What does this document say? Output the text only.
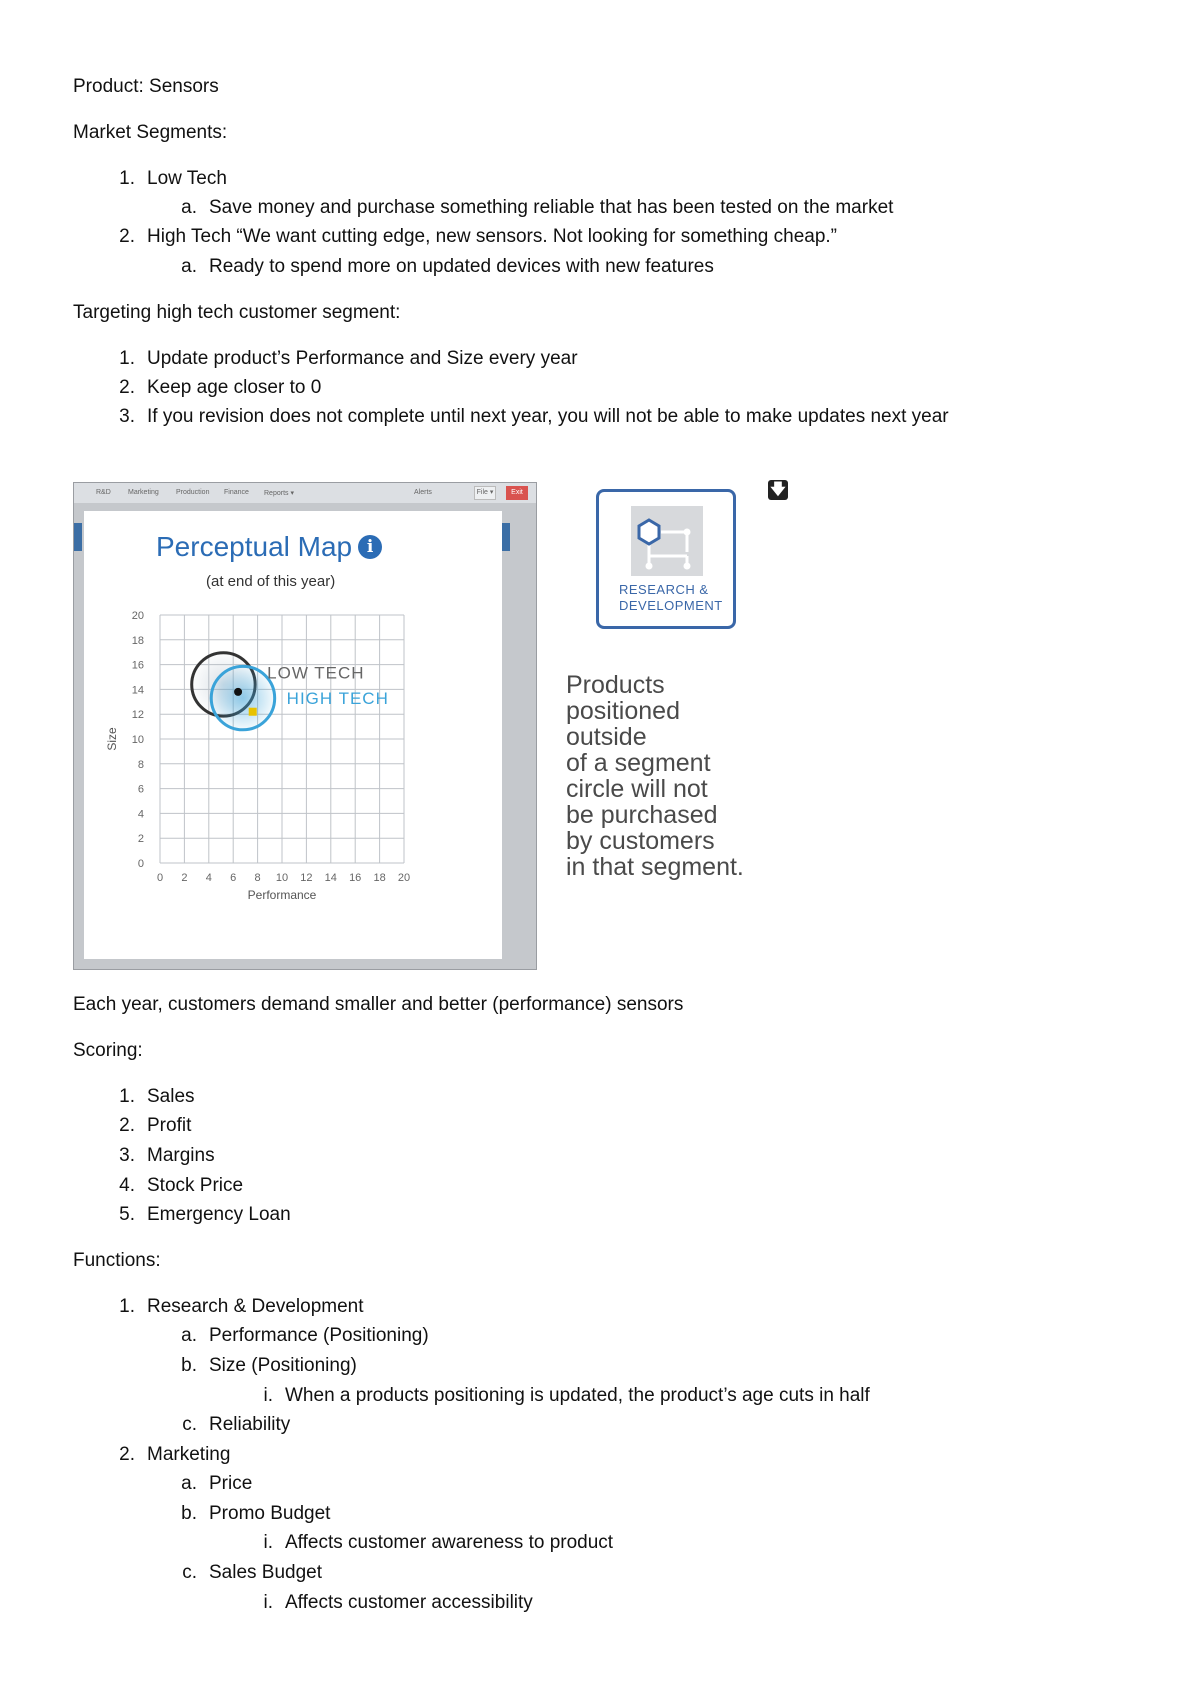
Product: Sensors
Market Segments:
1. Low Tech
a. Save money and purchase something reliable that has been tested on the market
2. High Tech “We want cutting edge, new sensors. Not looking for something cheap.”
a. Ready to spend more on updated devices with new features
Targeting high tech customer segment:
1. Update product’s Performance and Size every year
2. Keep age closer to 0
3. If you revision does not complete until next year, you will not be able to make updates next year
R&D Marketing Production Finance Reports ▾	Alerts	File ▾	Exit
Perceptual Map i
(at end of this year)
0 2 4 6 8 10 12 14 16 18 20
0
2
4
6
8
10
12
14
16
18
20
Performance
Size
LOW TECH
HIGH TECH
RESEARCH &
DEVELOPMENT
🡇
Products
positioned
outside
of a segment
circle will not
be purchased
by customers
in that segment.
Each year, customers demand smaller and better (performance) sensors
Scoring:
1. Sales
2. Profit
3. Margins
4. Stock Price
5. Emergency Loan
Functions:
1. Research & Development
a. Performance (Positioning)
b. Size (Positioning)
i. When a products positioning is updated, the product’s age cuts in half
c. Reliability
2. Marketing
a. Price
b. Promo Budget
i. Affects customer awareness to product
c. Sales Budget
i. Affects customer accessibility
